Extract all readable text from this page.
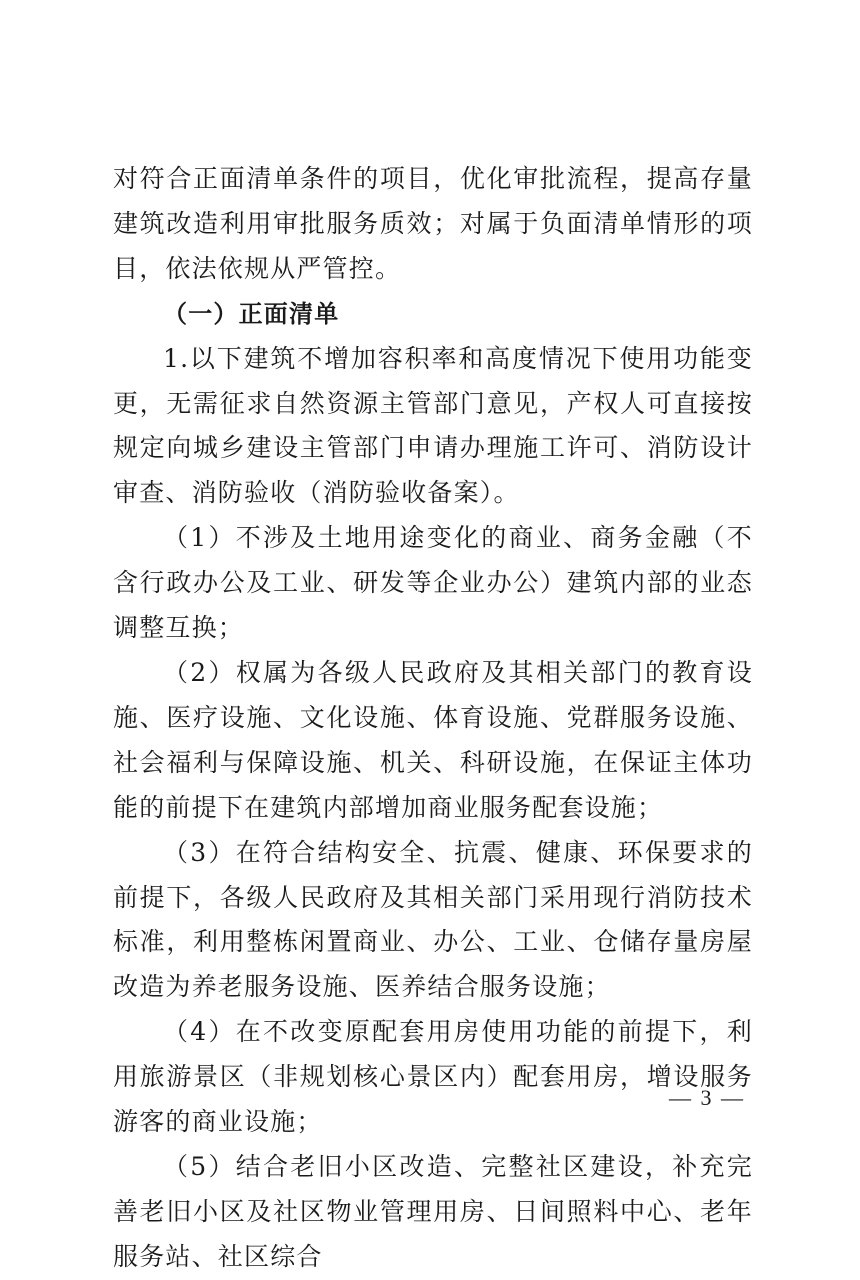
对符合正面清单条件的项目，优化审批流程，提高存量建筑改造利用审批服务质效；对属于负面清单情形的项目，依法依规从严管控。

（一）正面清单

1.以下建筑不增加容积率和高度情况下使用功能变更，无需征求自然资源主管部门意见，产权人可直接按规定向城乡建设主管部门申请办理施工许可、消防设计审查、消防验收（消防验收备案）。

（1）不涉及土地用途变化的商业、商务金融（不含行政办公及工业、研发等企业办公）建筑内部的业态调整互换；

（2）权属为各级人民政府及其相关部门的教育设施、医疗设施、文化设施、体育设施、党群服务设施、社会福利与保障设施、机关、科研设施，在保证主体功能的前提下在建筑内部增加商业服务配套设施；

（3）在符合结构安全、抗震、健康、环保要求的前提下，各级人民政府及其相关部门采用现行消防技术标准，利用整栋闲置商业、办公、工业、仓储存量房屋改造为养老服务设施、医养结合服务设施；

（4）在不改变原配套用房使用功能的前提下，利用旅游景区（非规划核心景区内）配套用房，增设服务游客的商业设施；

（5）结合老旧小区改造、完整社区建设，补充完善老旧小区及社区物业管理用房、日间照料中心、老年服务站、社区综合

— 3 —
